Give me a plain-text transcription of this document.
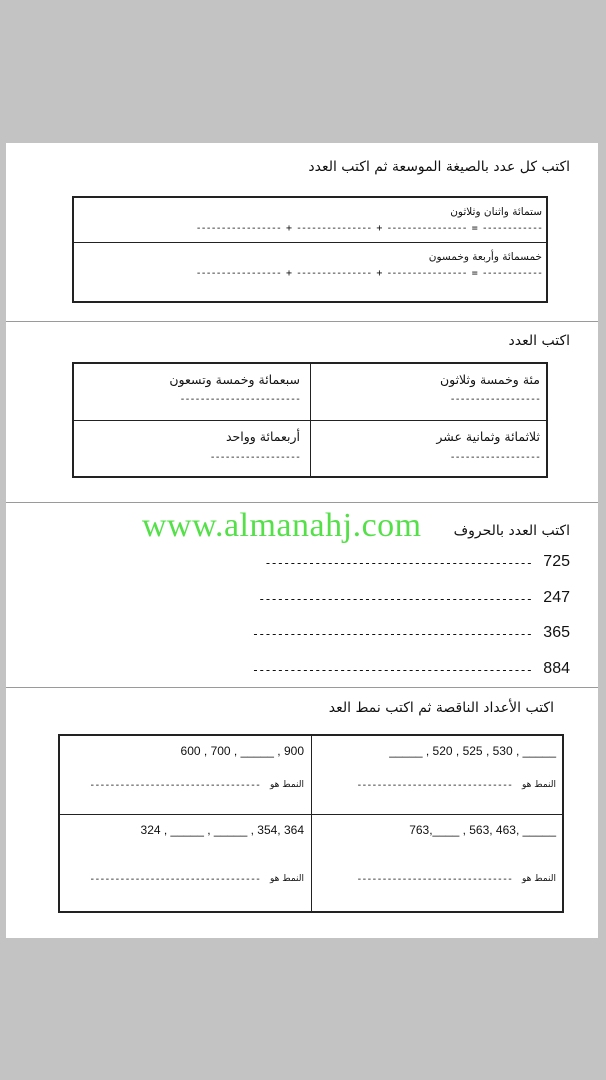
اكتب كل عدد بالصيغة الموسعة ثم اكتب العدد
ستمائة واثنان وثلاثون
----------------- + --------------- + ---------------- = ------------
خمسمائة وأربعة وخمسون
----------------- + --------------- + ---------------- = ------------
اكتب العدد
مئة وخمسة وثلاثون
------------------
سبعمائة وخمسة وتسعون
------------------------
ثلاثمائة وثمانية عشر
------------------
أربعمائة وواحد
------------------
اكتب العدد بالحروف
725
-------------------------------------------
247
--------------------------------------------
365
---------------------------------------------
884
---------------------------------------------
اكتب الأعداد الناقصة ثم اكتب نمط العد
_____ , 520 , 525 , 530 , _____
النمط هو
-------------------------------
600 , 700 , _____ , 900
النمط هو
----------------------------------
763,____ , 563, 463, _____
النمط هو
-------------------------------
324 , _____ , _____ , 354, 364
النمط هو
----------------------------------
www.almanahj.com
